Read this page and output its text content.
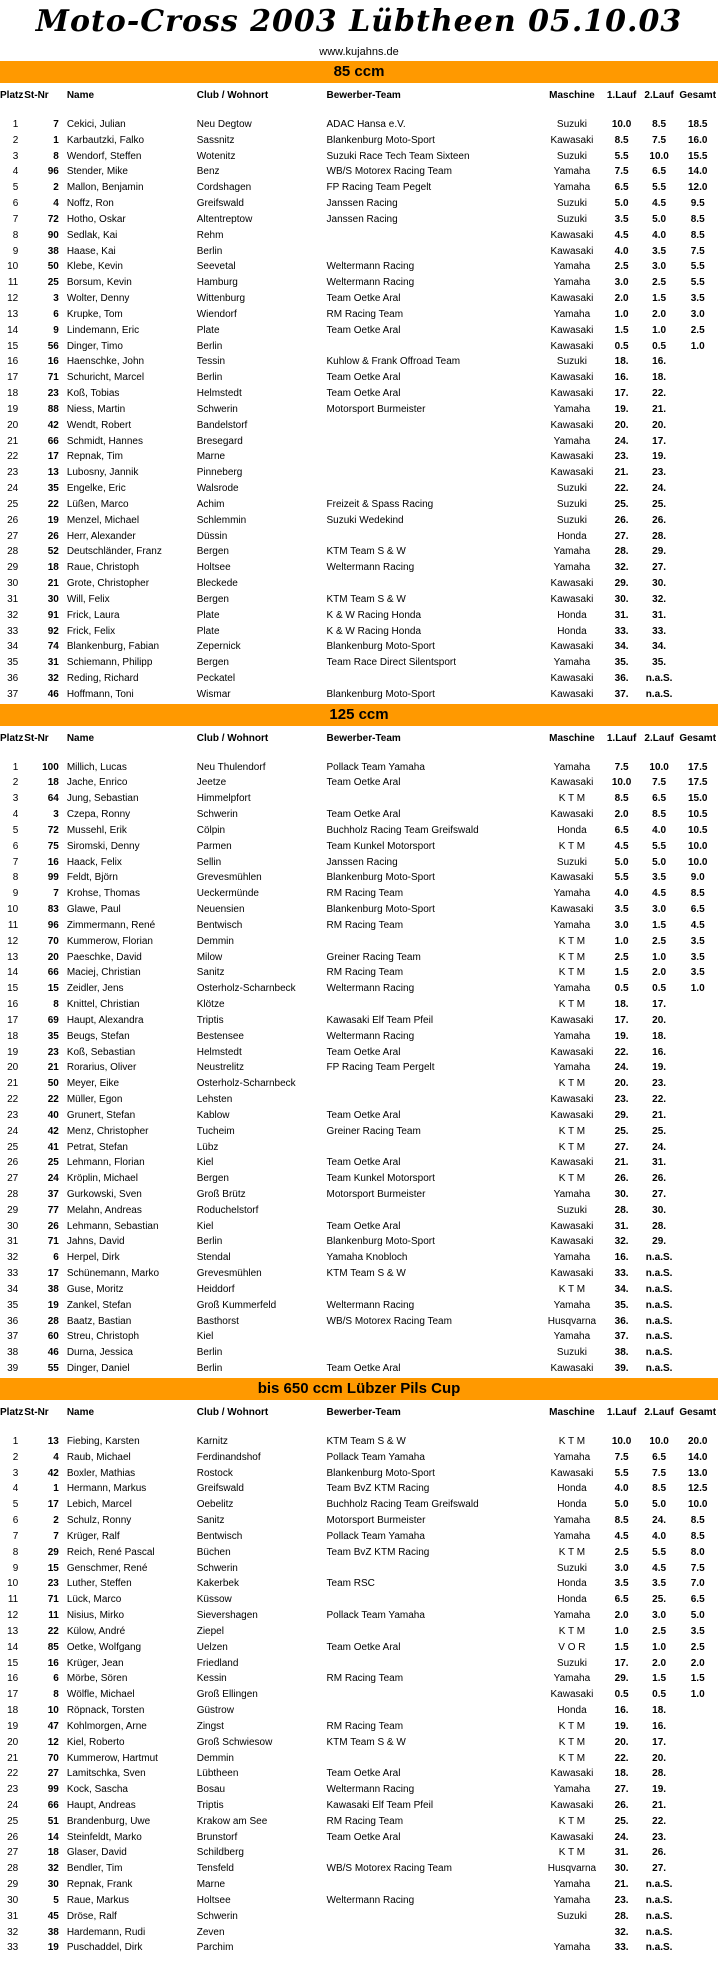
Moto-Cross 2003 Lübtheen 05.10.03
www.kujahns.de
85 ccm
Platz	St-Nr	Name	Club / Wohnort	Bewerber-Team	Maschine	1.Lauf	2.Lauf	Gesamt

1	7	Cekici, Julian	Neu Degtow	ADAC Hansa e.V.	Suzuki	10.0	8.5	18.5
2	1	Karbautzki, Falko	Sassnitz	Blankenburg Moto-Sport	Kawasaki	8.5	7.5	16.0
3	8	Wendorf, Steffen	Wotenitz	Suzuki Race Tech Team Sixteen	Suzuki	5.5	10.0	15.5
4	96	Stender, Mike	Benz	WB/S Motorex Racing Team	Yamaha	7.5	6.5	14.0
5	2	Mallon, Benjamin	Cordshagen	FP Racing Team Pegelt	Yamaha	6.5	5.5	12.0
6	4	Noffz, Ron	Greifswald	Janssen Racing	Suzuki	5.0	4.5	9.5
7	72	Hotho, Oskar	Altentreptow	Janssen Racing	Suzuki	3.5	5.0	8.5
8	90	Sedlak, Kai	Rehm		Kawasaki	4.5	4.0	8.5
9	38	Haase, Kai	Berlin		Kawasaki	4.0	3.5	7.5
10	50	Klebe, Kevin	Seevetal	Weltermann Racing	Yamaha	2.5	3.0	5.5
11	25	Borsum, Kevin	Hamburg	Weltermann Racing	Yamaha	3.0	2.5	5.5
12	3	Wolter, Denny	Wittenburg	Team Oetke Aral	Kawasaki	2.0	1.5	3.5
13	6	Krupke, Tom	Wiendorf	RM Racing Team	Yamaha	1.0	2.0	3.0
14	9	Lindemann, Eric	Plate	Team Oetke Aral	Kawasaki	1.5	1.0	2.5
15	56	Dinger, Timo	Berlin		Kawasaki	0.5	0.5	1.0
16	16	Haenschke, John	Tessin	Kuhlow & Frank Offroad Team	Suzuki	18.	16.	
17	71	Schuricht, Marcel	Berlin	Team Oetke Aral	Kawasaki	16.	18.	
18	23	Koß, Tobias	Helmstedt	Team Oetke Aral	Kawasaki	17.	22.	
19	88	Niess, Martin	Schwerin	Motorsport Burmeister	Yamaha	19.	21.	
20	42	Wendt, Robert	Bandelstorf		Kawasaki	20.	20.	
21	66	Schmidt, Hannes	Bresegard		Yamaha	24.	17.	
22	17	Repnak, Tim	Marne		Kawasaki	23.	19.	
23	13	Lubosny, Jannik	Pinneberg		Kawasaki	21.	23.	
24	35	Engelke, Eric	Walsrode		Suzuki	22.	24.	
25	22	Lüßen, Marco	Achim	Freizeit & Spass Racing	Suzuki	25.	25.	
26	19	Menzel, Michael	Schlemmin	Suzuki Wedekind	Suzuki	26.	26.	
27	26	Herr, Alexander	Düssin		Honda	27.	28.	
28	52	Deutschländer, Franz	Bergen	KTM Team S & W	Yamaha	28.	29.	
29	18	Raue, Christoph	Holtsee	Weltermann Racing	Yamaha	32.	27.	
30	21	Grote, Christopher	Bleckede		Kawasaki	29.	30.	
31	30	Will, Felix	Bergen	KTM Team S & W	Kawasaki	30.	32.	
32	91	Frick, Laura	Plate	K & W Racing Honda	Honda	31.	31.	
33	92	Frick, Felix	Plate	K & W Racing Honda	Honda	33.	33.	
34	74	Blankenburg, Fabian	Zepernick	Blankenburg Moto-Sport	Kawasaki	34.	34.	
35	31	Schiemann, Philipp	Bergen	Team Race Direct Silentsport	Yamaha	35.	35.	
36	32	Reding, Richard	Peckatel		Kawasaki	36.	n.a.S.	
37	46	Hoffmann, Toni	Wismar	Blankenburg Moto-Sport	Kawasaki	37.	n.a.S.	
125 ccm
Platz	St-Nr	Name	Club / Wohnort	Bewerber-Team	Maschine	1.Lauf	2.Lauf	Gesamt

1	100	Millich, Lucas	Neu Thulendorf	Pollack Team Yamaha	Yamaha	7.5	10.0	17.5
2	18	Jache, Enrico	Jeetze	Team Oetke Aral	Kawasaki	10.0	7.5	17.5
3	64	Jung, Sebastian	Himmelpfort		K T M	8.5	6.5	15.0
4	3	Czepa, Ronny	Schwerin	Team Oetke Aral	Kawasaki	2.0	8.5	10.5
5	72	Mussehl, Erik	Cölpin	Buchholz Racing Team Greifswald	Honda	6.5	4.0	10.5
6	75	Siromski, Denny	Parmen	Team Kunkel Motorsport	K T M	4.5	5.5	10.0
7	16	Haack, Felix	Sellin	Janssen Racing	Suzuki	5.0	5.0	10.0
8	99	Feldt, Björn	Grevesmühlen	Blankenburg Moto-Sport	Kawasaki	5.5	3.5	9.0
9	7	Krohse, Thomas	Ueckermünde	RM Racing Team	Yamaha	4.0	4.5	8.5
10	83	Glawe, Paul	Neuensien	Blankenburg Moto-Sport	Kawasaki	3.5	3.0	6.5
11	96	Zimmermann, René	Bentwisch	RM Racing Team	Yamaha	3.0	1.5	4.5
12	70	Kummerow, Florian	Demmin		K T M	1.0	2.5	3.5
13	20	Paeschke, David	Milow	Greiner Racing Team	K T M	2.5	1.0	3.5
14	66	Maciej, Christian	Sanitz	RM Racing Team	K T M	1.5	2.0	3.5
15	15	Zeidler, Jens	Osterholz-Scharnbeck	Weltermann Racing	Yamaha	0.5	0.5	1.0
16	8	Knittel, Christian	Klötze		K T M	18.	17.	
17	69	Haupt, Alexandra	Triptis	Kawasaki Elf Team Pfeil	Kawasaki	17.	20.	
18	35	Beugs, Stefan	Bestensee	Weltermann Racing	Yamaha	19.	18.	
19	23	Koß, Sebastian	Helmstedt	Team Oetke Aral	Kawasaki	22.	16.	
20	21	Rorarius, Oliver	Neustrelitz	FP Racing Team Pergelt	Yamaha	24.	19.	
21	50	Meyer, Eike	Osterholz-Scharnbeck		K T M	20.	23.	
22	22	Müller, Egon	Lehsten		Kawasaki	23.	22.	
23	40	Grunert, Stefan	Kablow	Team Oetke Aral	Kawasaki	29.	21.	
24	42	Menz, Christopher	Tucheim	Greiner Racing Team	K T M	25.	25.	
25	41	Petrat, Stefan	Lübz		K T M	27.	24.	
26	25	Lehmann, Florian	Kiel	Team Oetke Aral	Kawasaki	21.	31.	
27	24	Kröplin, Michael	Bergen	Team Kunkel Motorsport	K T M	26.	26.	
28	37	Gurkowski, Sven	Groß Brütz	Motorsport Burmeister	Yamaha	30.	27.	
29	77	Melahn, Andreas	Roduchelstorf		Suzuki	28.	30.	
30	26	Lehmann, Sebastian	Kiel	Team Oetke Aral	Kawasaki	31.	28.	
31	71	Jahns, David	Berlin	Blankenburg Moto-Sport	Kawasaki	32.	29.	
32	6	Herpel, Dirk	Stendal	Yamaha Knobloch	Yamaha	16.	n.a.S.	
33	17	Schünemann, Marko	Grevesmühlen	KTM Team S & W	Kawasaki	33.	n.a.S.	
34	38	Guse, Moritz	Heiddorf		K T M	34.	n.a.S.	
35	19	Zankel, Stefan	Groß Kummerfeld	Weltermann Racing	Yamaha	35.	n.a.S.	
36	28	Baatz, Bastian	Basthorst	WB/S Motorex Racing Team	Husqvarna	36.	n.a.S.	
37	60	Streu, Christoph	Kiel		Yamaha	37.	n.a.S.	
38	46	Durna, Jessica	Berlin		Suzuki	38.	n.a.S.	
39	55	Dinger, Daniel	Berlin	Team Oetke Aral	Kawasaki	39.	n.a.S.	
bis 650 ccm Lübzer Pils Cup
Platz	St-Nr	Name	Club / Wohnort	Bewerber-Team	Maschine	1.Lauf	2.Lauf	Gesamt

1	13	Fiebing, Karsten	Karnitz	KTM Team S & W	K T M	10.0	10.0	20.0
2	4	Raub, Michael	Ferdinandshof	Pollack Team Yamaha	Yamaha	7.5	6.5	14.0
3	42	Boxler, Mathias	Rostock	Blankenburg Moto-Sport	Kawasaki	5.5	7.5	13.0
4	1	Hermann, Markus	Greifswald	Team BvZ KTM Racing	Honda	4.0	8.5	12.5
5	17	Lebich, Marcel	Oebelitz	Buchholz Racing Team Greifswald	Honda	5.0	5.0	10.0
6	2	Schulz, Ronny	Sanitz	Motorsport Burmeister	Yamaha	8.5	24.	8.5
7	7	Krüger, Ralf	Bentwisch	Pollack Team Yamaha	Yamaha	4.5	4.0	8.5
8	29	Reich, René Pascal	Büchen	Team BvZ KTM Racing	K T M	2.5	5.5	8.0
9	15	Genschmer, René	Schwerin		Suzuki	3.0	4.5	7.5
10	23	Luther, Steffen	Kakerbek	Team RSC	Honda	3.5	3.5	7.0
11	71	Lück, Marco	Küssow		Honda	6.5	25.	6.5
12	11	Nisius, Mirko	Sievershagen	Pollack Team Yamaha	Yamaha	2.0	3.0	5.0
13	22	Külow, André	Ziepel		K T M	1.0	2.5	3.5
14	85	Oetke, Wolfgang	Uelzen	Team Oetke Aral	V O R	1.5	1.0	2.5
15	16	Krüger, Jean	Friedland		Suzuki	17.	2.0	2.0
16	6	Mörbe, Sören	Kessin	RM Racing Team	Yamaha	29.	1.5	1.5
17	8	Wölfle, Michael	Groß Ellingen		Kawasaki	0.5	0.5	1.0
18	10	Röpnack, Torsten	Güstrow		Honda	16.	18.	
19	47	Kohlmorgen, Arne	Zingst	RM Racing Team	K T M	19.	16.	
20	12	Kiel, Roberto	Groß Schwiesow	KTM Team S & W	K T M	20.	17.	
21	70	Kummerow, Hartmut	Demmin		K T M	22.	20.	
22	27	Lamitschka, Sven	Lübtheen	Team Oetke Aral	Kawasaki	18.	28.	
23	99	Kock, Sascha	Bosau	Weltermann Racing	Yamaha	27.	19.	
24	66	Haupt, Andreas	Triptis	Kawasaki Elf Team Pfeil	Kawasaki	26.	21.	
25	51	Brandenburg, Uwe	Krakow am See	RM Racing Team	K T M	25.	22.	
26	14	Steinfeldt, Marko	Brunstorf	Team Oetke Aral	Kawasaki	24.	23.	
27	18	Glaser, David	Schildberg		K T M	31.	26.	
28	32	Bendler, Tim	Tensfeld	WB/S Motorex Racing Team	Husqvarna	30.	27.	
29	30	Repnak, Frank	Marne		Yamaha	21.	n.a.S.	
30	5	Raue, Markus	Holtsee	Weltermann Racing	Yamaha	23.	n.a.S.	
31	45	Dröse, Ralf	Schwerin		Suzuki	28.	n.a.S.	
32	38	Hardemann, Rudi	Zeven			32.	n.a.S.	
33	19	Puschaddel, Dirk	Parchim		Yamaha	33.	n.a.S.	
